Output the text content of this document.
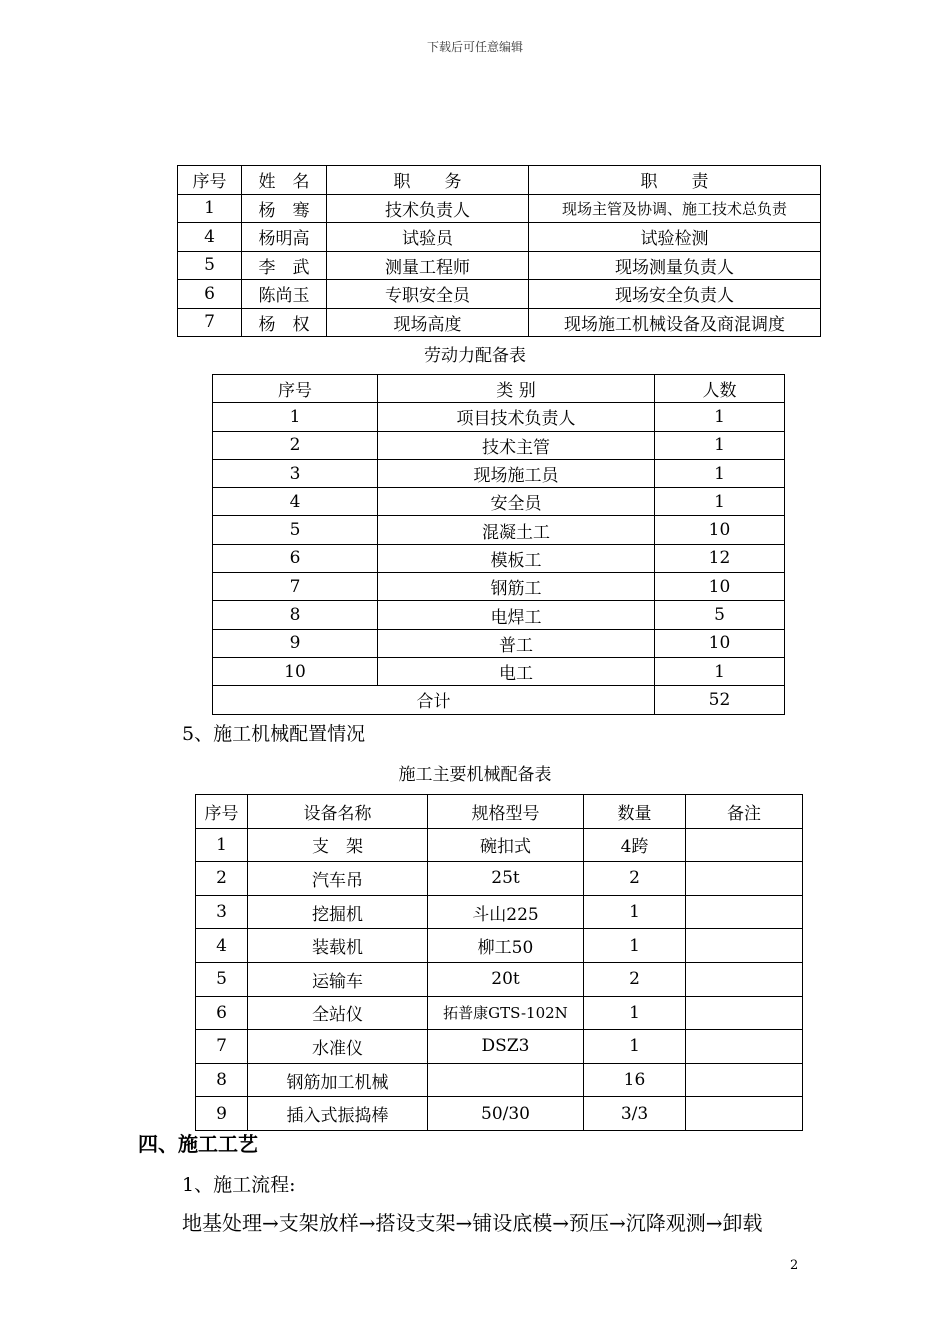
下载后可任意编辑
序号	姓　名	职　　务	职　　责
1	杨　骞	技术负责人	现场主管及协调、施工技术总负责
4	杨明高	试验员	试验检测
5	李　武	测量工程师	现场测量负责人
6	陈尚玉	专职安全员	现场安全负责人
7	杨　权	现场高度	现场施工机械设备及商混调度
劳动力配备表
序号	类 别	人数
1	项目技术负责人	1
2	技术主管	1
3	现场施工员	1
4	安全员	1
5	混凝土工	10
6	模板工	12
7	钢筋工	10
8	电焊工	5
9	普工	10
10	电工	1
合计		52
5、施工机械配置情况
施工主要机械配备表
序号	设备名称	规格型号	数量	备注
1	支　架	碗扣式	4跨	
2	汽车吊	25t	2	
3	挖掘机	斗山225	1	
4	装载机	柳工50	1	
5	运输车	20t	2	
6	全站仪	拓普康GTS-102N	1	
7	水准仪	DSZ3	1	
8	钢筋加工机械		16	
9	插入式振捣棒	50/30	3/3	
四、施工工艺
1、施工流程:
地基处理→支架放样→搭设支架→铺设底模→预压→沉降观测→卸载
2
